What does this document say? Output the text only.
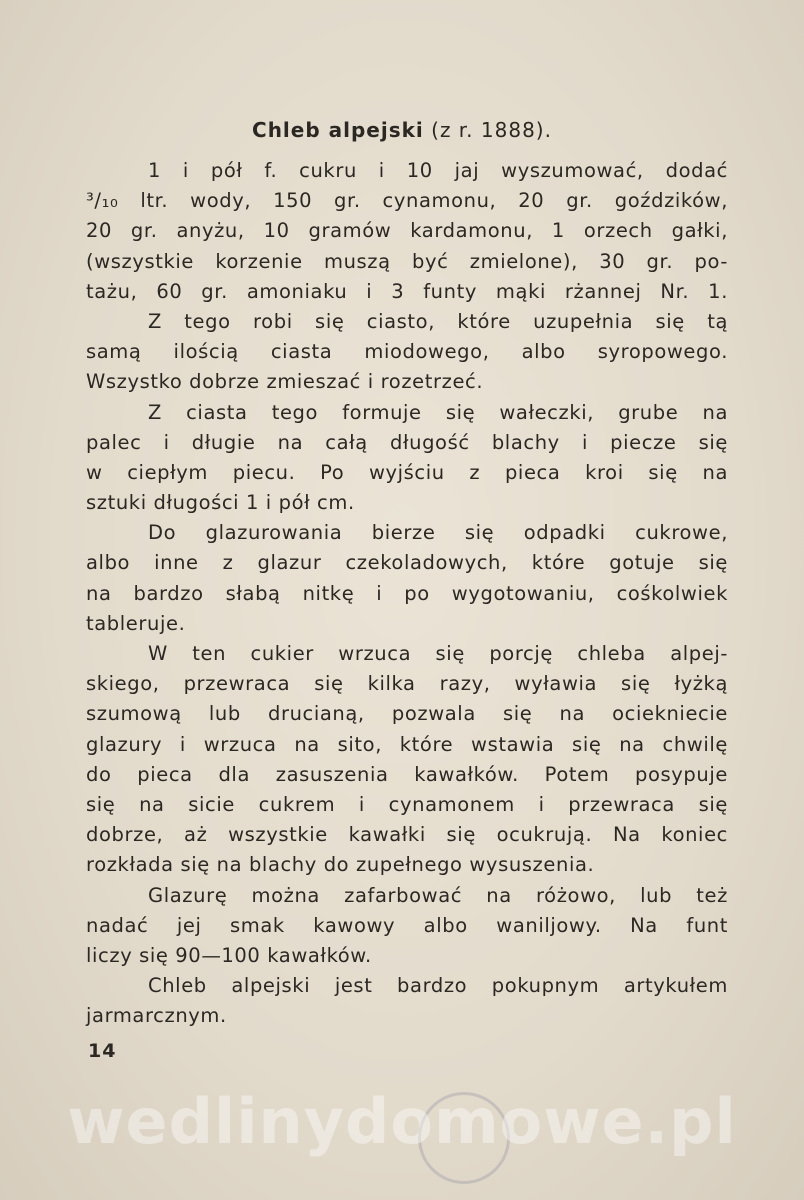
Chleb alpejski (z r. 1888).
1 i pół f. cukru i 10 jaj wyszumować, dodać
³/₁₀ ltr. wody, 150 gr. cynamonu, 20 gr. goździków,
20 gr. anyżu, 10 gramów kardamonu, 1 orzech gałki,
(wszystkie korzenie muszą być zmielone), 30 gr. po-
tażu, 60 gr. amoniaku i 3 funty mąki rżannej Nr. 1.
Z tego robi się ciasto, które uzupełnia się tą
samą ilością ciasta miodowego, albo syropowego.
Wszystko dobrze zmieszać i rozetrzeć.
Z ciasta tego formuje się wałeczki, grube na
palec i długie na całą długość blachy i piecze się
w ciepłym piecu. Po wyjściu z pieca kroi się na
sztuki długości 1 i pół cm.
Do glazurowania bierze się odpadki cukrowe,
albo inne z glazur czekoladowych, które gotuje się
na bardzo słabą nitkę i po wygotowaniu, cośkolwiek
tableruje.
W ten cukier wrzuca się porcję chleba alpej-
skiego, przewraca się kilka razy, wyławia się łyżką
szumową lub drucianą, pozwala się na ociekniecie
glazury i wrzuca na sito, które wstawia się na chwilę
do pieca dla zasuszenia kawałków. Potem posypuje
się na sicie cukrem i cynamonem i przewraca się
dobrze, aż wszystkie kawałki się ocukrują. Na koniec
rozkłada się na blachy do zupełnego wysuszenia.
Glazurę można zafarbować na różowo, lub też
nadać jej smak kawowy albo waniljowy. Na funt
liczy się 90—100 kawałków.
Chleb alpejski jest bardzo pokupnym artykułem
jarmarcznym.
14
wedlinydomowe.pl
